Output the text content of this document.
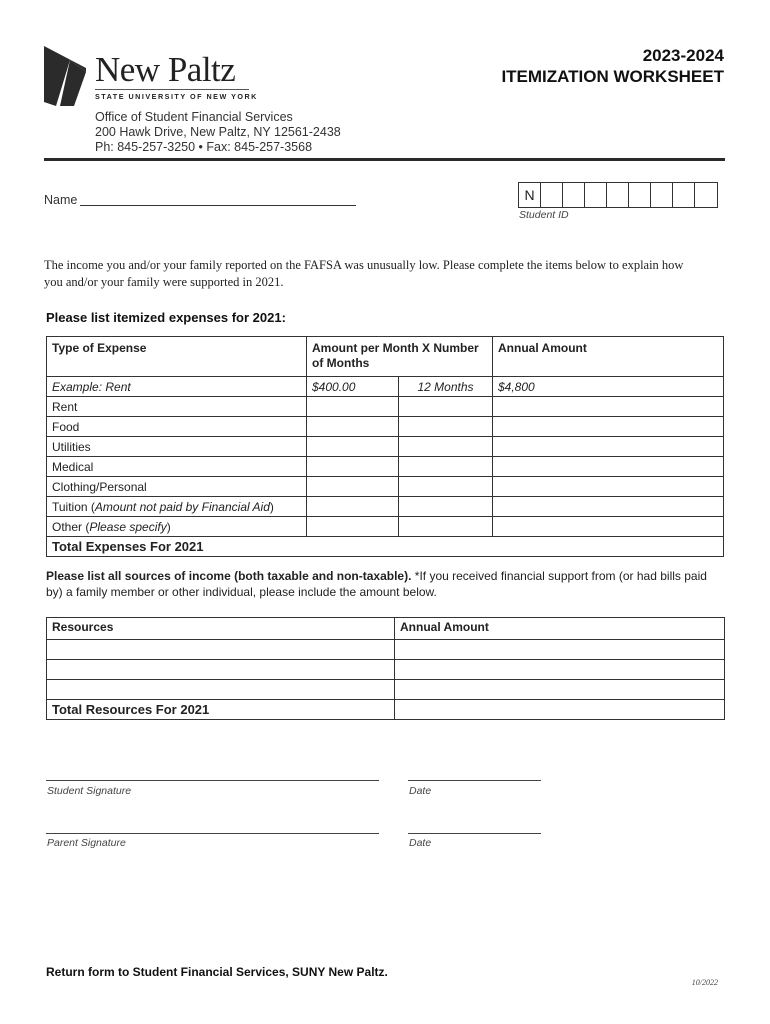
New Paltz
STATE UNIVERSITY OF NEW YORK
Office of Student Financial Services
200 Hawk Drive, New Paltz, NY 12561-2438
Ph: 845-257-3250 • Fax: 845-257-3568
2023-2024
ITEMIZATION WORKSHEET
Name	N
Student ID
The income you and/or your family reported on the FAFSA was unusually low. Please complete the items below to explain how
you and/or your family were supported in 2021.
Please list itemized expenses for 2021:
Type of Expense	Amount per Month X Number of Months		Annual Amount
Example: Rent	$400.00	12 Months	$4,800
Rent			
Food			
Utilities			
Medical			
Clothing/Personal			
Tuition (Amount not paid by Financial Aid)			
Other (Please specify)			
Total Expenses For 2021			
Please list all sources of income (both taxable and non-taxable). *If you received financial support from (or had bills paid
by) a family member or other individual, please include the amount below.
Resources	Annual Amount

Total Resources For 2021	
Student Signature	Date
Parent Signature	Date
Return form to Student Financial Services, SUNY New Paltz.
10/2022
